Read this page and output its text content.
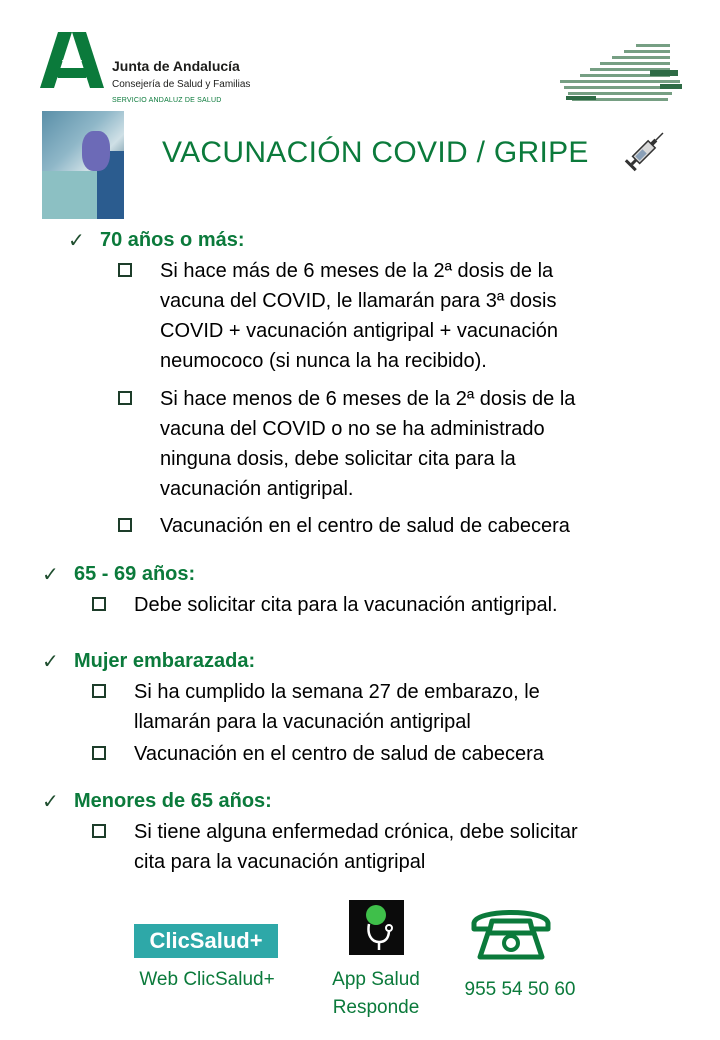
Junta de Andalucía
Consejería de Salud y Familias
SERVICIO ANDALUZ DE SALUD
VACUNACIÓN COVID / GRIPE
✓ 70 años o más:
Si hace más de 6 meses de la 2ª dosis de la
vacuna del COVID, le llamarán para 3ª dosis
COVID + vacunación antigripal + vacunación
neumococo (si nunca la ha recibido).
Si hace menos de 6 meses de la 2ª dosis de la
vacuna del COVID o no se ha administrado
ninguna dosis, debe solicitar cita para la
vacunación antigripal.
Vacunación en el centro de salud de cabecera
✓ 65 - 69 años:
Debe solicitar cita para la vacunación antigripal.
✓ Mujer embarazada:
Si ha cumplido la semana 27 de embarazo, le
llamarán para la vacunación antigripal
Vacunación en el centro de salud de cabecera
✓ Menores de 65 años:
Si tiene alguna enfermedad crónica, debe solicitar
cita para la vacunación antigripal
ClicSalud+
Web ClicSalud+	App Salud
Responde
955 54 50 60
